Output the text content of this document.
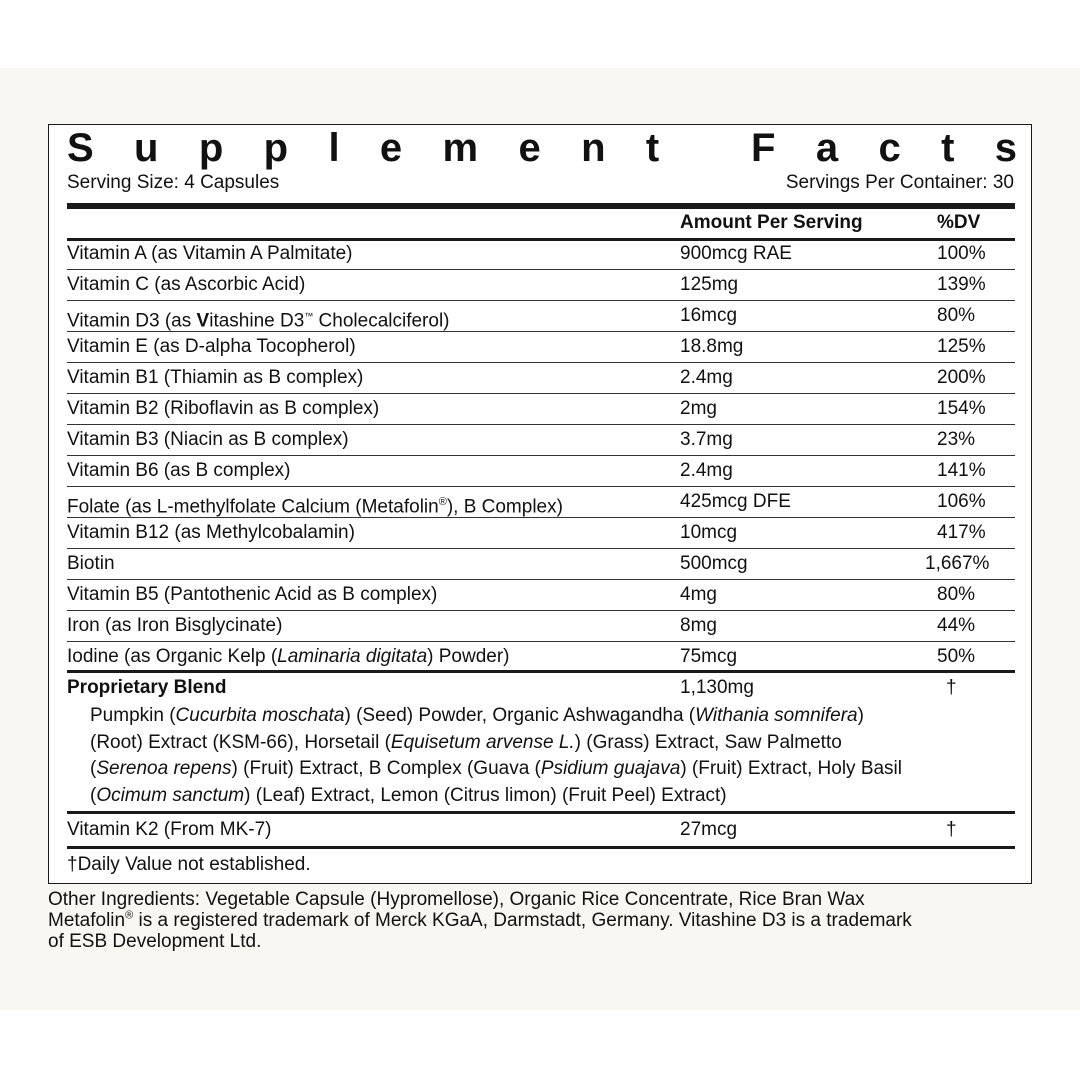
S u p p l e m e n t
F a c t s
Serving Size: 4 Capsules	Servings Per Container: 30
Amount Per Serving	%DV
Vitamin A (as Vitamin A Palmitate)	900mcg RAE	100%
Vitamin C (as Ascorbic Acid)	125mg	139%
Vitamin D3 (as Vitashine D3™ Cholecalciferol)	16mcg	80%
Vitamin E (as D-alpha Tocopherol)	18.8mg	125%
Vitamin B1 (Thiamin as B complex)	2.4mg	200%
Vitamin B2 (Riboflavin as B complex)	2mg	154%
Vitamin B3 (Niacin as B complex)	3.7mg	23%
Vitamin B6 (as B complex)	2.4mg	141%
Folate (as L-methylfolate Calcium (Metafolin®), B Complex)	425mcg DFE	106%
Vitamin B12 (as Methylcobalamin)	10mcg	417%
Biotin	500mcg	1,667%
Vitamin B5 (Pantothenic Acid as B complex)	4mg	80%
Iron (as Iron Bisglycinate)	8mg	44%
Iodine (as Organic Kelp (Laminaria digitata) Powder)	75mcg	50%
Proprietary Blend	1,130mg	†
Pumpkin (Cucurbita moschata) (Seed) Powder, Organic Ashwagandha (Withania somnifera)
(Root) Extract (KSM-66), Horsetail (Equisetum arvense L.) (Grass) Extract, Saw Palmetto
(Serenoa repens) (Fruit) Extract, B Complex (Guava (Psidium guajava) (Fruit) Extract, Holy Basil
(Ocimum sanctum) (Leaf) Extract, Lemon (Citrus limon) (Fruit Peel) Extract)
Vitamin K2 (From MK-7)	27mcg	†
†Daily Value not established.
Other Ingredients: Vegetable Capsule (Hypromellose), Organic Rice Concentrate, Rice Bran Wax
Metafolin® is a registered trademark of Merck KGaA, Darmstadt, Germany. Vitashine D3 is a trademark
of ESB Development Ltd.
